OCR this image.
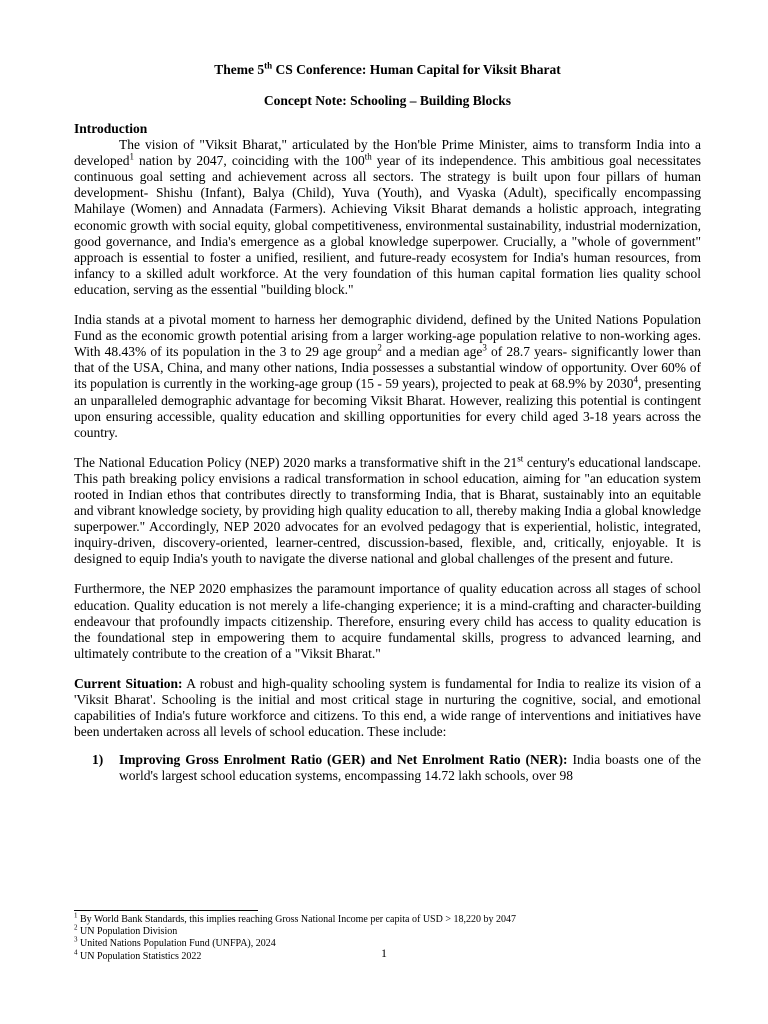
Theme 5th CS Conference: Human Capital for Viksit Bharat
Concept Note: Schooling – Building Blocks
Introduction

The vision of "Viksit Bharat," articulated by the Hon'ble Prime Minister, aims to transform India into a developed$^1$ nation by 2047, coinciding with the 100th year of its independence. This ambitious goal necessitates continuous goal setting and achievement across all sectors. The strategy is built upon four pillars of human development- Shishu (Infant), Balya (Child), Yuva (Youth), and Vyaska (Adult), specifically encompassing Mahilaye (Women) and Annadata (Farmers). Achieving Viksit Bharat demands a holistic approach, integrating economic growth with social equity, global competitiveness, environmental sustainability, industrial modernization, good governance, and India's emergence as a global knowledge superpower. Crucially, a "whole of government" approach is essential to foster a unified, resilient, and future-ready ecosystem for India's human resources, from infancy to a skilled adult workforce. At the very foundation of this human capital formation lies quality school education, serving as the essential "building block."

India stands at a pivotal moment to harness her demographic dividend, defined by the United Nations Population Fund as the economic growth potential arising from a larger working-age population relative to non-working ages. With 48.43% of its population in the 3 to 29 age group$^2$ and a median age$^3$ of 28.7 years- significantly lower than that of the USA, China, and many other nations, India possesses a substantial window of opportunity. Over 60% of its population is currently in the working-age group (15 - 59 years), projected to peak at 68.9% by 2030$^4$, presenting an unparalleled demographic advantage for becoming Viksit Bharat. However, realizing this potential is contingent upon ensuring accessible, quality education and skilling opportunities for every child aged 3-18 years across the country.

The National Education Policy (NEP) 2020 marks a transformative shift in the 21st century's educational landscape. This path breaking policy envisions a radical transformation in school education, aiming for "an education system rooted in Indian ethos that contributes directly to transforming India, that is Bharat, sustainably into an equitable and vibrant knowledge society, by providing high quality education to all, thereby making India a global knowledge superpower." Accordingly, NEP 2020 advocates for an evolved pedagogy that is experiential, holistic, integrated, inquiry-driven, discovery-oriented, learner-centred, discussion-based, flexible, and, critically, enjoyable. It is designed to equip India's youth to navigate the diverse national and global challenges of the present and future.

Furthermore, the NEP 2020 emphasizes the paramount importance of quality education across all stages of school education. Quality education is not merely a life-changing experience; it is a mind-crafting and character-building endeavour that profoundly impacts citizenship. Therefore, ensuring every child has access to quality education is the foundational step in empowering them to acquire fundamental skills, progress to advanced learning, and ultimately contribute to the creation of a "Viksit Bharat."

Current Situation: A robust and high-quality schooling system is fundamental for India to realize its vision of a 'Viksit Bharat'. Schooling is the initial and most critical stage in nurturing the cognitive, social, and emotional capabilities of India's future workforce and citizens. To this end, a wide range of interventions and initiatives have been undertaken across all levels of school education. These include:

1) Improving Gross Enrolment Ratio (GER) and Net Enrolment Ratio (NER): India boasts one of the world's largest school education systems, encompassing 14.72 lakh schools, over 98
$^1$ By World Bank Standards, this implies reaching Gross National Income per capita of USD > 18,220 by 2047
$^2$ UN Population Division
$^3$ United Nations Population Fund (UNFPA), 2024
$^4$ UN Population Statistics 2022	1
